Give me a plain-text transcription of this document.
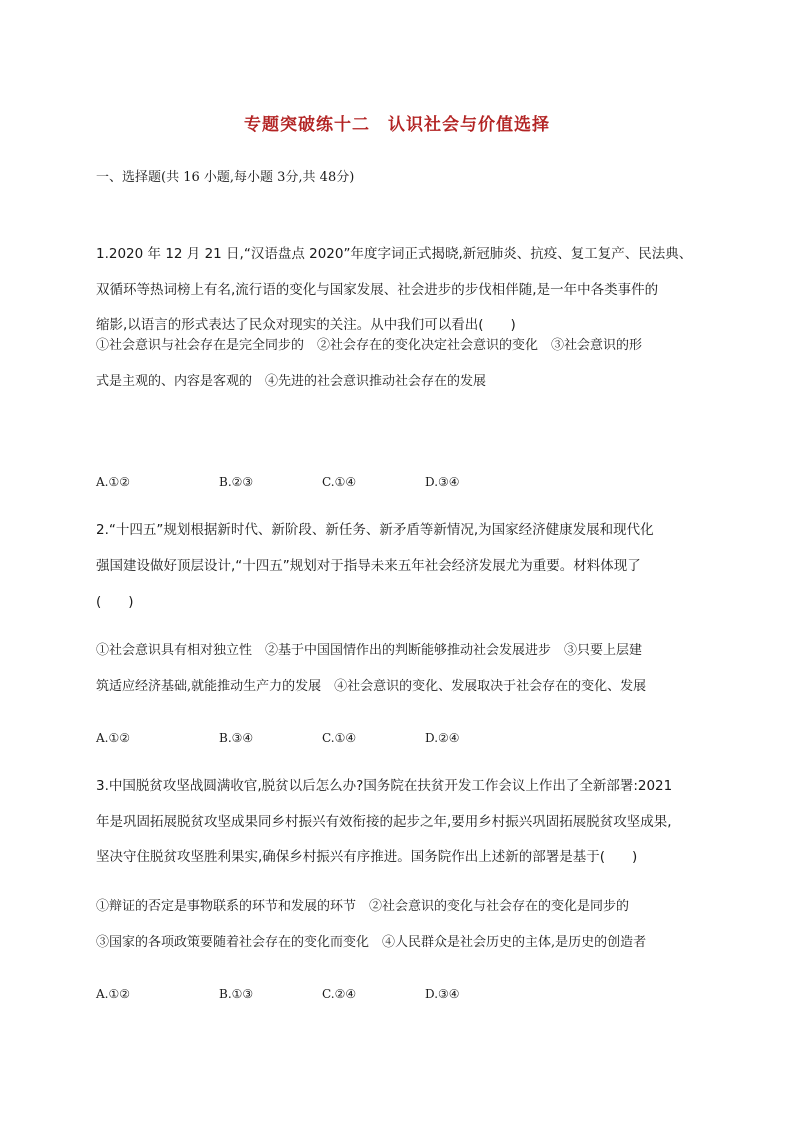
专题突破练十二　认识社会与价值选择
一、选择题(共 16 小题,每小题 3分,共 48分)
1.2020 年 12 月 21 日,“汉语盘点 2020”年度字词正式揭晓,新冠肺炎、抗疫、复工复产、民法典、
双循环等热词榜上有名,流行语的变化与国家发展、社会进步的步伐相伴随,是一年中各类事件的
缩影,以语言的形式表达了民众对现实的关注。从中我们可以看出(　　)
①社会意识与社会存在是完全同步的　②社会存在的变化决定社会意识的变化　③社会意识的形
式是主观的、内容是客观的　④先进的社会意识推动社会存在的发展
A.①②	B.②③	C.①④	D.③④
2.“十四五”规划根据新时代、新阶段、新任务、新矛盾等新情况,为国家经济健康发展和现代化
强国建设做好顶层设计,“十四五”规划对于指导未来五年社会经济发展尤为重要。材料体现了
(　　)
①社会意识具有相对独立性　②基于中国国情作出的判断能够推动社会发展进步　③只要上层建
筑适应经济基础,就能推动生产力的发展　④社会意识的变化、发展取决于社会存在的变化、发展
A.①②	B.③④	C.①④	D.②④
3.中国脱贫攻坚战圆满收官,脱贫以后怎么办?国务院在扶贫开发工作会议上作出了全新部署:2021
年是巩固拓展脱贫攻坚成果同乡村振兴有效衔接的起步之年,要用乡村振兴巩固拓展脱贫攻坚成果,
坚决守住脱贫攻坚胜利果实,确保乡村振兴有序推进。国务院作出上述新的部署是基于(　　)
①辩证的否定是事物联系的环节和发展的环节　②社会意识的变化与社会存在的变化是同步的
③国家的各项政策要随着社会存在的变化而变化　④人民群众是社会历史的主体,是历史的创造者
A.①②	B.①③	C.②④	D.③④
